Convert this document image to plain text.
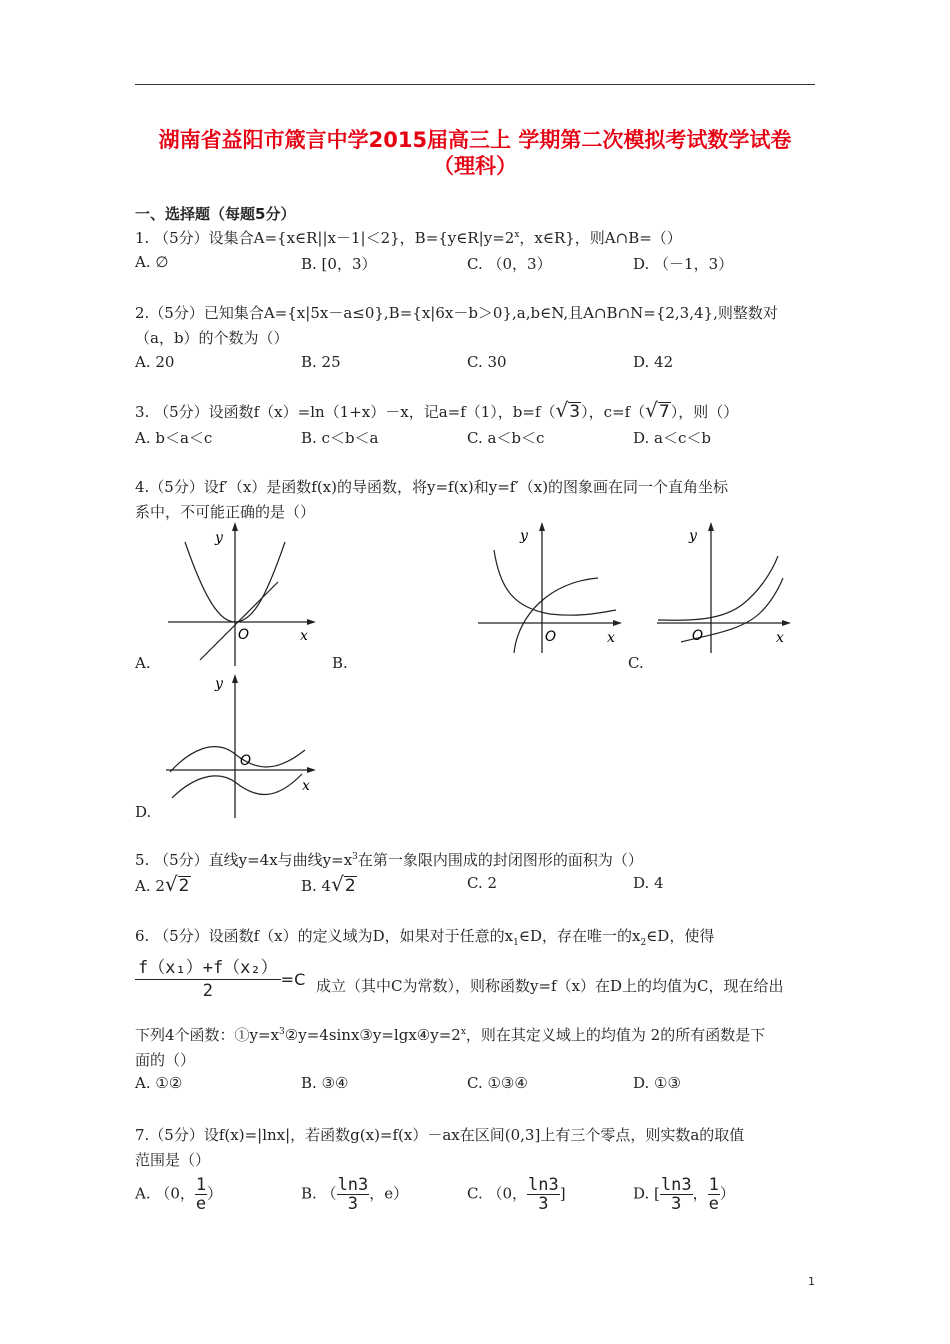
湖南省益阳市箴言中学2015届高三上 学期第二次模拟考试数学试卷
（理科）
一、选择题（每题5分）
1. （5分）设集合A={x∈R||x－1|＜2}，$B=\{y\in R|y=2^x$，x∈R}，则A∩B=（）
A. ∅	B. [0，3）	C. （0，3）	D. （－1，3）
2.（5分）已知集合A={x|5x－a≤0},B={x|6x－b＞0},a,b∈N,且A∩B∩N={2,3,4},则整数对
（a，b）的个数为（）
A. 20	B. 25	C. 30	D. 42
3. （5分）设函数f（x）=ln（1+x）－x，记a=f（1），b=f（√3），c=f（√7），则（）
A. b＜a＜c	B. c＜b＜a	C. a＜b＜c	D. a＜c＜b
4.（5分）设f′（x）是函数f(x)的导函数，将y=f(x)和y=f′（x)的图象画在同一个直角坐标
系中，不可能正确的是（）
y
x
O
A.	B.
y
x
O
y
x
O
C.
y
x
O
D.
5. （5分）直线y=4x与曲线$y=x^3$在第一象限内围成的封闭图形的面积为（）
A. 2√2	B. 4√2	C. 2	D. 4
6. （5分）设函数f（x）的定义域为D，如果对于任意的$x_1\in D$，存在唯一的$x_2\in D$，使得
$\frac{\text{f（x₁）+f（x₂）}}{2} =C$ 成立（其中C为常数），则称函数y=f（x）在D上的均值为C，现在给出
下列4个函数：$①y=x^3②y=4\sin x③y=\lg x④y=2^x$，则在其定义域上的均值为 2的所有函数是下
面的（）
A. ①②	B. ③④	C. ①③④	D. ①③
7.（5分）设f(x)=|lnx|，若函数g(x)=f(x）－ax在区间(0,3]上有三个零点，则实数a的取值
范围是（）
A. （0， $\frac{1}{e}$ ）	B. （ $\frac{\ln 3}{3}$ ，e）	C. （0， $\frac{\ln 3}{3}$ ]	D. [ $\frac{\ln 3}{3}$ ， $\frac{1}{e}$ ）
1
